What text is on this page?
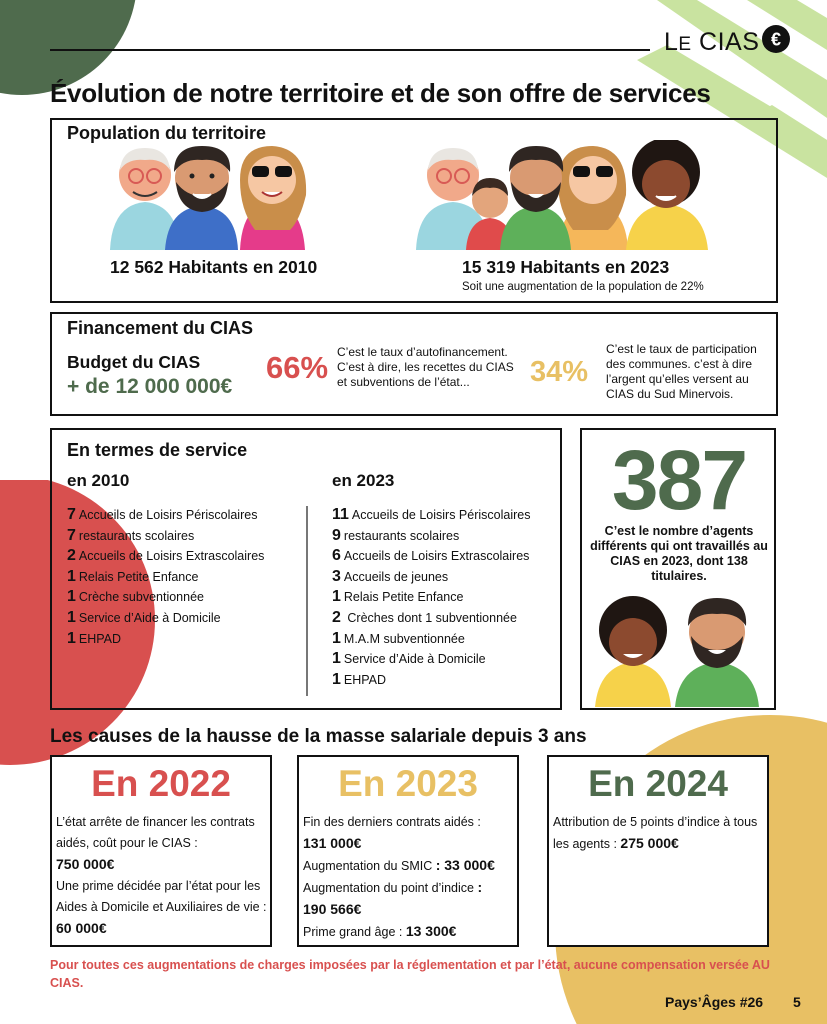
LE CIAS €
Évolution de notre territoire et de son offre de services
Population du territoire
12 562 Habitants en 2010	15 319 Habitants en 2023
Soit une augmentation de la population de 22%
Financement du CIAS
Budget du CIAS
+ de 12 000 000€
66% C’est le taux d’autofinancement. C’est à dire, les recettes du CIAS et subventions de l’état...	34%
C’est le taux de participation des communes. c’est à dire l’argent qu’elles versent au CIAS du Sud Minervois.
En termes de service
en 2010	en 2023
7 Accueils de Loisirs Périscolaires
7 restaurants scolaires
2 Accueils de Loisirs Extrascolaires
1 Relais Petite Enfance
1 Crèche subventionnée
1 Service d’Aide à Domicile
1 EHPAD
11 Accueils de Loisirs Périscolaires
9 restaurants scolaires
6 Accueils de Loisirs Extrascolaires
3 Accueils de jeunes
1 Relais Petite Enfance
2 Crèches dont 1 subventionnée
1 M.A.M subventionnée
1 Service d’Aide à Domicile
1 EHPAD
387
C’est le nombre d’agents différents qui ont travaillés au CIAS en 2023, dont 138 titulaires.
Les causes de la hausse de la masse salariale depuis 3 ans
En 2022
L’état arrête de financer les contrats aidés, coût pour le CIAS :
750 000€
Une prime décidée par l’état pour les Aides à Domicile et Auxiliaires de vie : 60 000€
En 2023
Fin des derniers contrats aidés :
131 000€
Augmentation du SMIC : 33 000€
Augmentation du point d’indice :
190 566€
Prime grand âge : 13 300€
En 2024
Attribution de 5 points d’indice à tous les agents : 275 000€
Pour toutes ces augmentations de charges imposées par la réglementation et par l’état, aucune compensation versée AU CIAS.
Pays’Âges #26 5
